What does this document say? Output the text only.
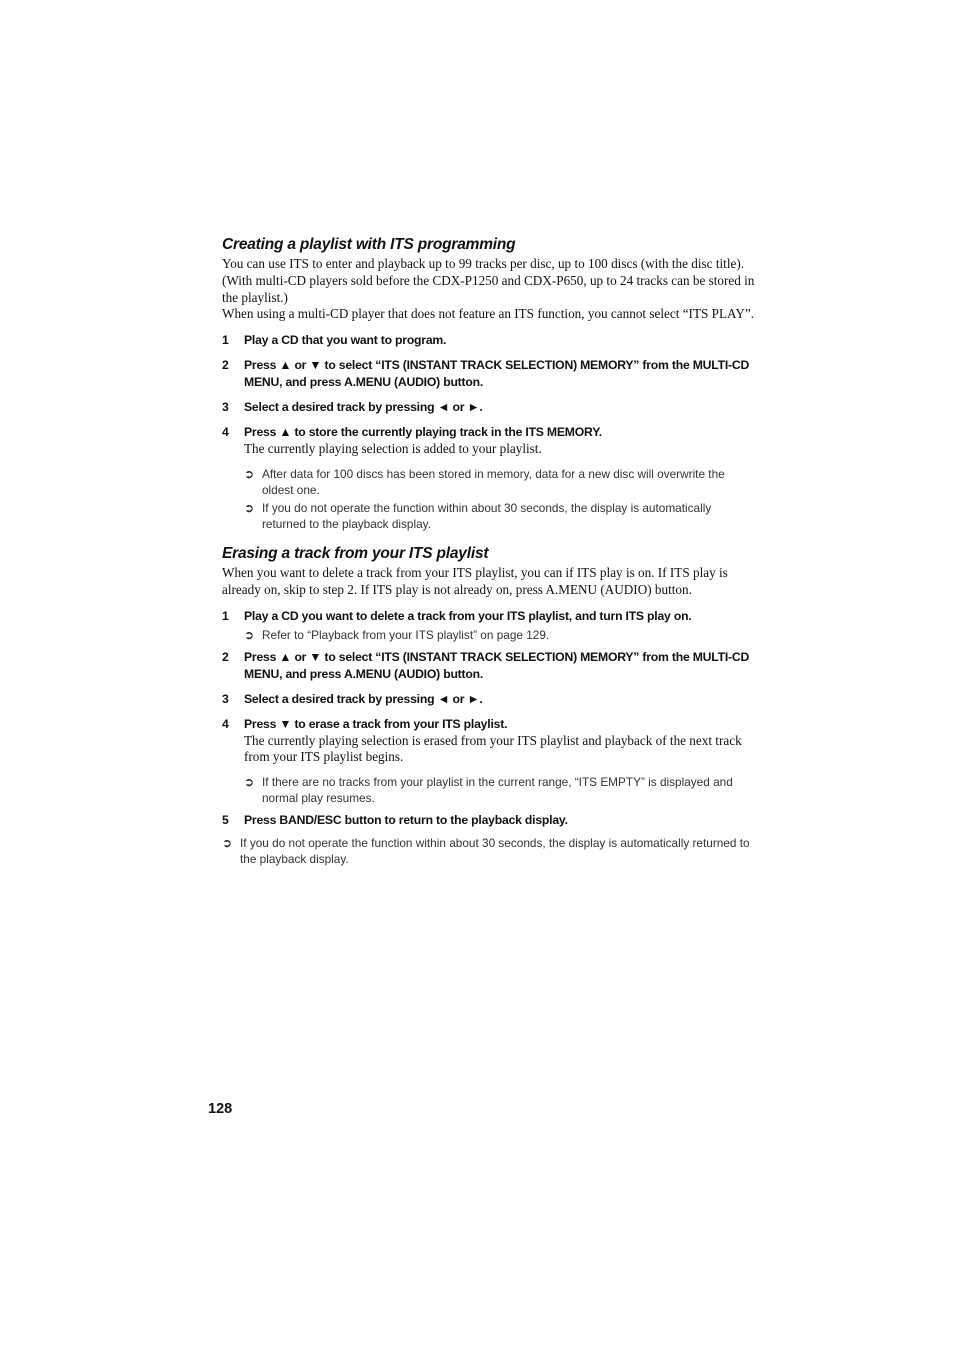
Creating a playlist with ITS programming

You can use ITS to enter and playback up to 99 tracks per disc, up to 100 discs (with the disc title). (With multi-CD players sold before the CDX-P1250 and CDX-P650, up to 24 tracks can be stored in the playlist.)

When using a multi-CD player that does not feature an ITS function, you cannot select “ITS PLAY”.

1	Play a CD that you want to program.
2	Press ▲ or ▼ to select “ITS (INSTANT TRACK SELECTION) MEMORY” from the MULTI-CD MENU, and press A.MENU (AUDIO) button.
3	Select a desired track by pressing ◄ or ►.
4	Press ▲ to store the currently playing track in the ITS MEMORY.

The currently playing selection is added to your playlist.

➲ After data for 100 discs has been stored in memory, data for a new disc will overwrite the oldest one.
➲ If you do not operate the function within about 30 seconds, the display is automatically returned to the playback display.
Erasing a track from your ITS playlist

When you want to delete a track from your ITS playlist, you can if ITS play is on. If ITS play is already on, skip to step 2. If ITS play is not already on, press A.MENU (AUDIO) button.

1	Play a CD you want to delete a track from your ITS playlist, and turn ITS play on.
➲ Refer to “Playback from your ITS playlist” on page 129.
2	Press ▲ or ▼ to select “ITS (INSTANT TRACK SELECTION) MEMORY” from the MULTI-CD MENU, and press A.MENU (AUDIO) button.
3	Select a desired track by pressing ◄ or ►.
4	Press ▼ to erase a track from your ITS playlist.

The currently playing selection is erased from your ITS playlist and playback of the next track from your ITS playlist begins.

➲ If there are no tracks from your playlist in the current range, “ITS EMPTY” is displayed and normal play resumes.
5	Press BAND/ESC button to return to the playback display.
➲ If you do not operate the function within about 30 seconds, the display is automatically returned to the playback display.
128
